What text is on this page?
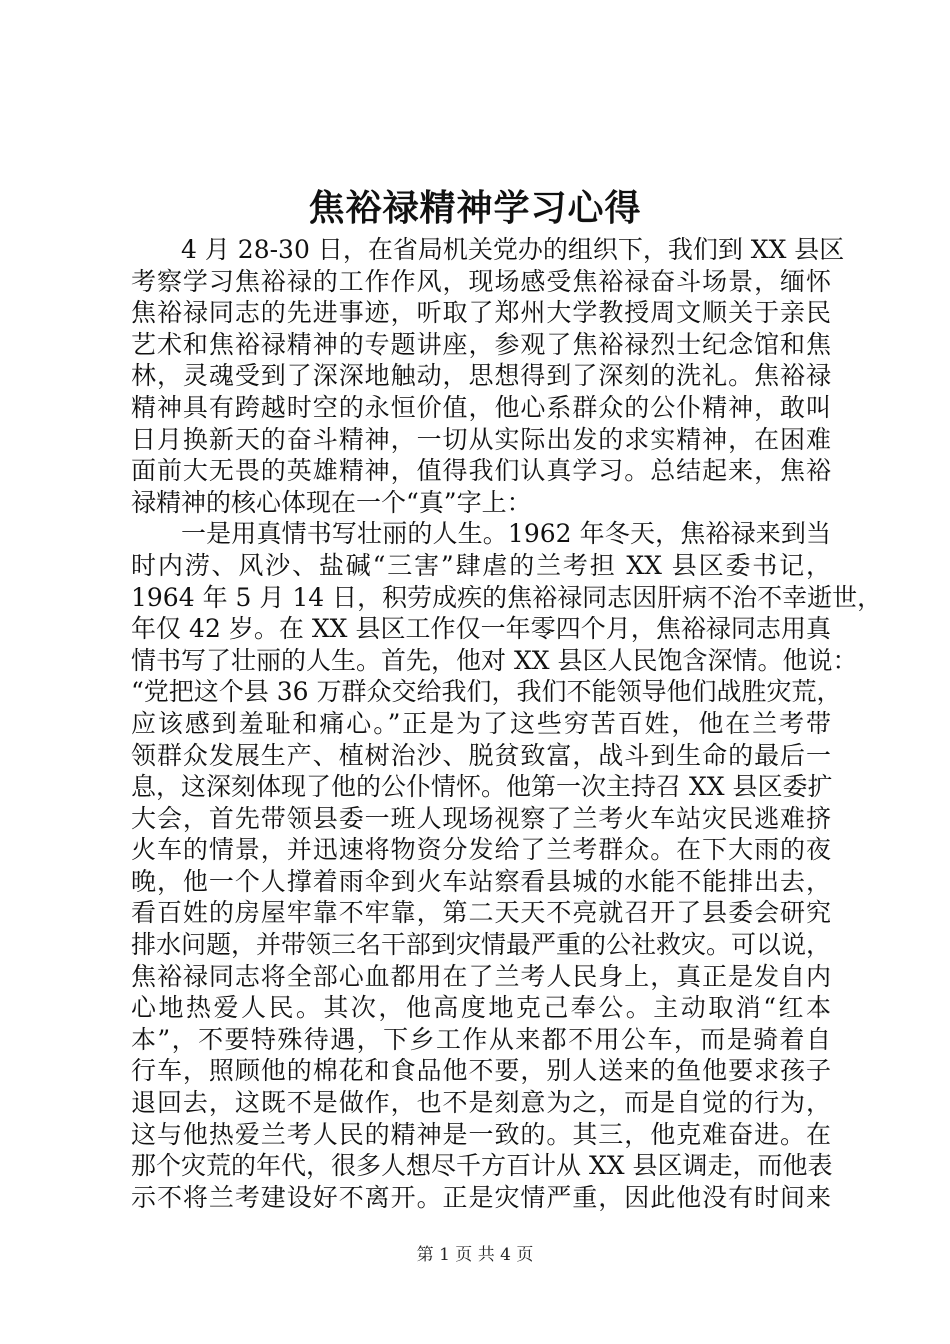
焦裕禄精神学习心得
4 月 28-30 日，在省局机关党办的组织下，我们到 XX 县区
考察学习焦裕禄的工作作风，现场感受焦裕禄奋斗场景，缅怀
焦裕禄同志的先进事迹，听取了郑州大学教授周文顺关于亲民
艺术和焦裕禄精神的专题讲座，参观了焦裕禄烈士纪念馆和焦
林，灵魂受到了深深地触动，思想得到了深刻的洗礼。焦裕禄
精神具有跨越时空的永恒价值，他心系群众的公仆精神，敢叫
日月换新天的奋斗精神，一切从实际出发的求实精神，在困难
面前大无畏的英雄精神，值得我们认真学习。总结起来，焦裕
禄精神的核心体现在一个“真”字上：
一是用真情书写壮丽的人生。1962 年冬天，焦裕禄来到当
时内涝、风沙、盐碱“三害”肆虐的兰考担 XX 县区委书记，
1964 年 5 月 14 日，积劳成疾的焦裕禄同志因肝病不治不幸逝世，
年仅 42 岁。在 XX 县区工作仅一年零四个月，焦裕禄同志用真
情书写了壮丽的人生。首先，他对 XX 县区人民饱含深情。他说：
“党把这个县 36 万群众交给我们，我们不能领导他们战胜灾荒，
应该感到羞耻和痛心。”正是为了这些穷苦百姓，他在兰考带
领群众发展生产、植树治沙、脱贫致富，战斗到生命的最后一
息，这深刻体现了他的公仆情怀。他第一次主持召 XX 县区委扩
大会，首先带领县委一班人现场视察了兰考火车站灾民逃难挤
火车的情景，并迅速将物资分发给了兰考群众。在下大雨的夜
晚，他一个人撑着雨伞到火车站察看县城的水能不能排出去，
看百姓的房屋牢靠不牢靠，第二天天不亮就召开了县委会研究
排水问题，并带领三名干部到灾情最严重的公社救灾。可以说，
焦裕禄同志将全部心血都用在了兰考人民身上，真正是发自内
心地热爱人民。其次，他高度地克己奉公。主动取消“红本
本”，不要特殊待遇，下乡工作从来都不用公车，而是骑着自
行车，照顾他的棉花和食品他不要，别人送来的鱼他要求孩子
退回去，这既不是做作，也不是刻意为之，而是自觉的行为，
这与他热爱兰考人民的精神是一致的。其三，他克难奋进。在
那个灾荒的年代，很多人想尽千方百计从 XX 县区调走，而他表
示不将兰考建设好不离开。正是灾情严重，因此他没有时间来
第 1 页 共 4 页
